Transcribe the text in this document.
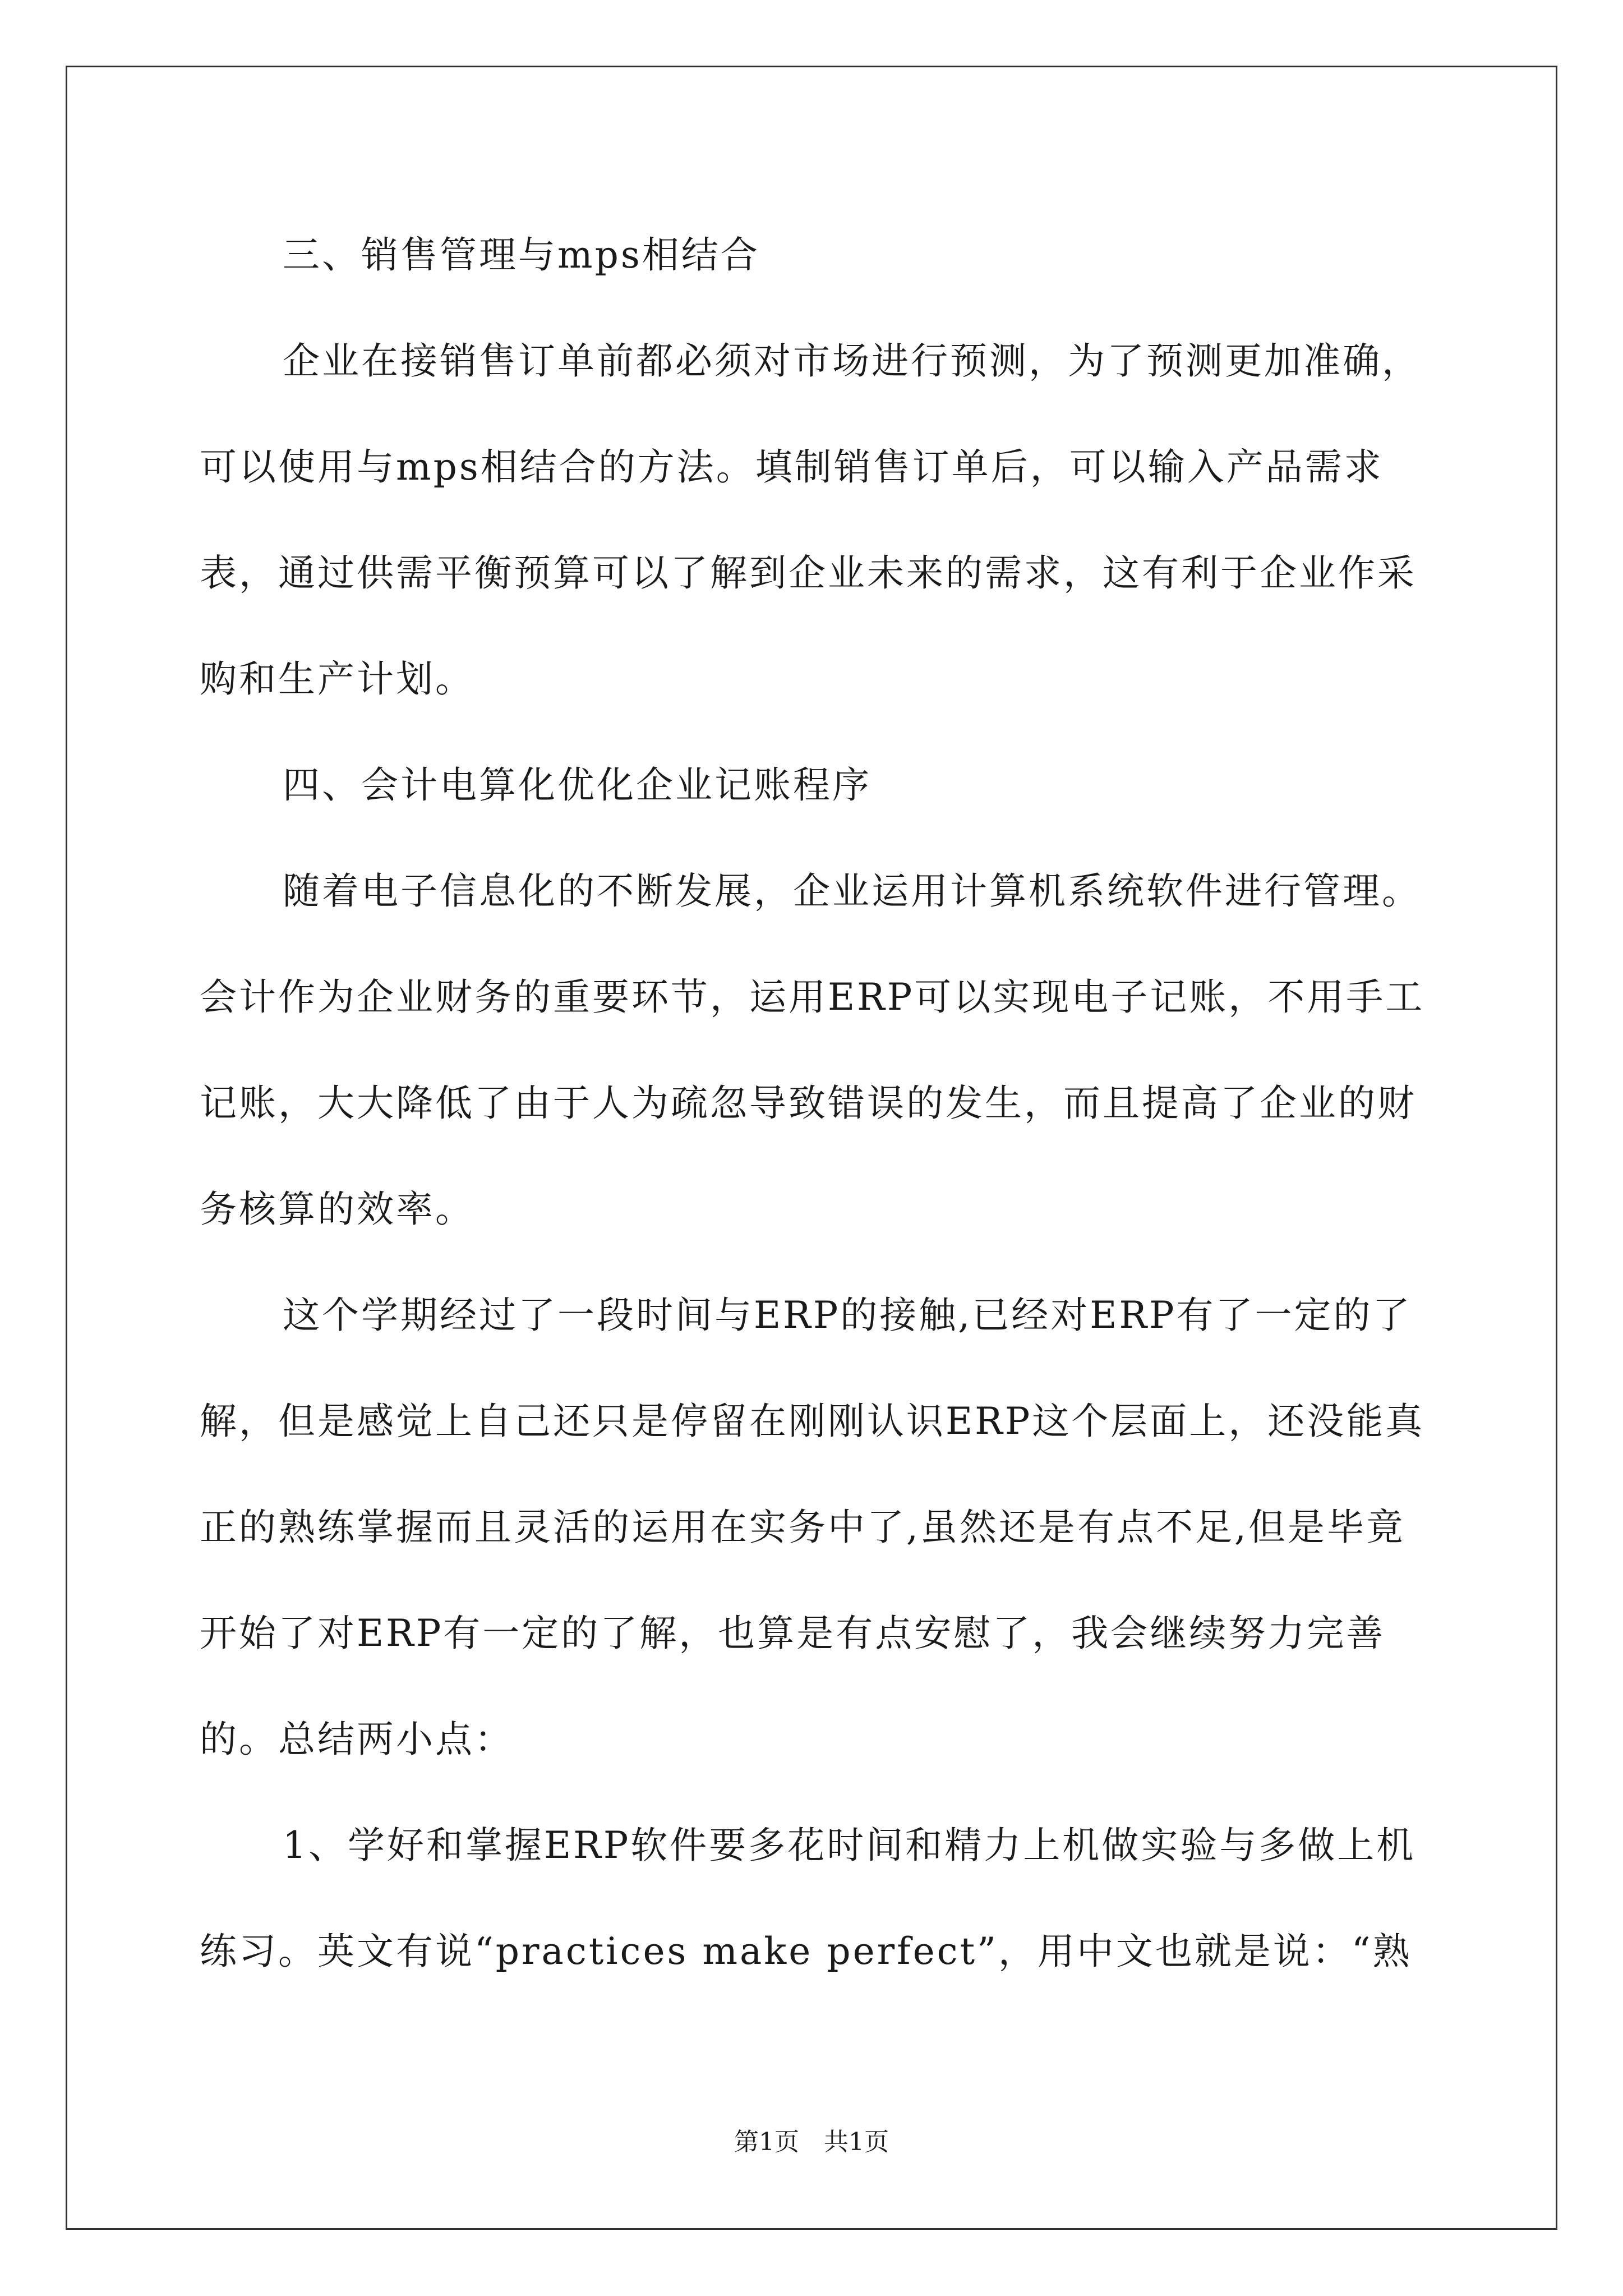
三、销售管理与mps相结合

企业在接销售订单前都必须对市场进行预测，为了预测更加准确，可以使用与mps相结合的方法。填制销售订单后，可以输入产品需求表，通过供需平衡预算可以了解到企业未来的需求，这有利于企业作采购和生产计划。

四、会计电算化优化企业记账程序

随着电子信息化的不断发展，企业运用计算机系统软件进行管理。会计作为企业财务的重要环节，运用ERP可以实现电子记账，不用手工记账，大大降低了由于人为疏忽导致错误的发生，而且提高了企业的财务核算的效率。

这个学期经过了一段时间与ERP的接触,已经对ERP有了一定的了解，但是感觉上自己还只是停留在刚刚认识ERP这个层面上，还没能真正的熟练掌握而且灵活的运用在实务中了,虽然还是有点不足,但是毕竟开始了对ERP有一定的了解，也算是有点安慰了，我会继续努力完善的。总结两小点：

1、学好和掌握ERP软件要多花时间和精力上机做实验与多做上机练习。英文有说“practices make perfect”，用中文也就是说：“熟

第1页　共1页
